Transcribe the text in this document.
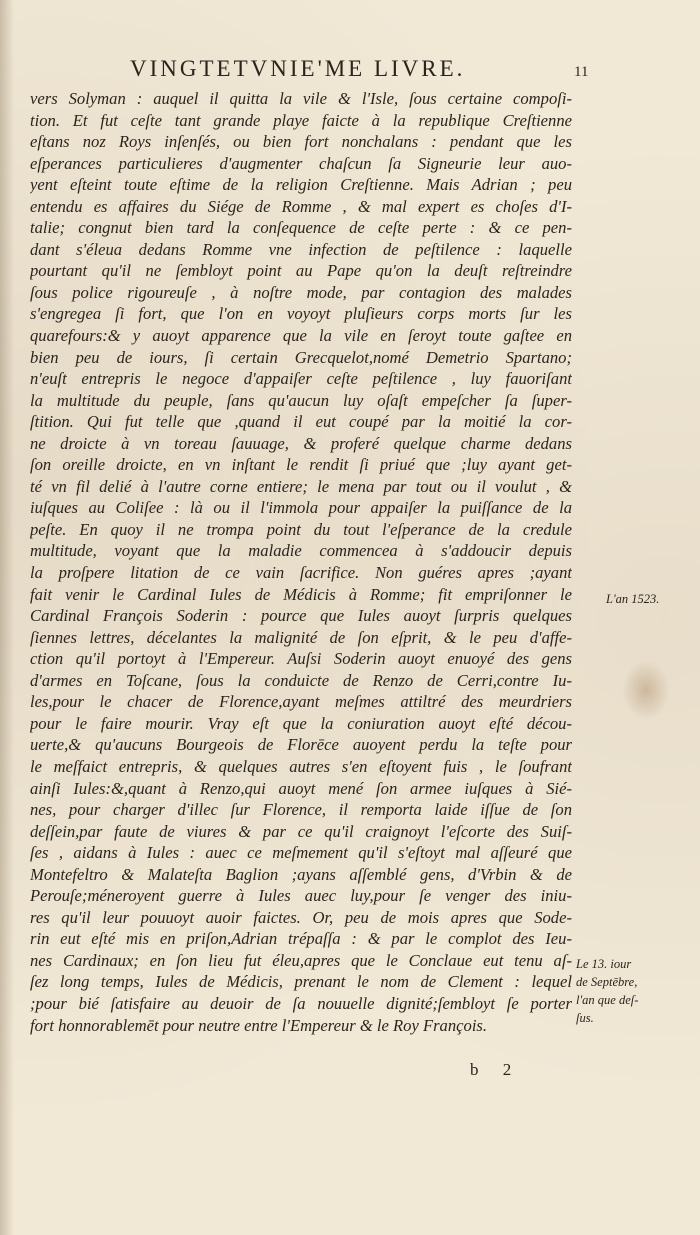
VINGTETVNIE'ME LIVRE.	11
vers Solyman : auquel il quitta la vile & l'Isle, ſous certaine compoſi-
tion. Et fut ceſte tant grande playe faicte à la republique Creſtienne
eſtans noz Roys inſenſés, ou bien fort nonchalans : pendant que les
eſperances particulieres d'augmenter chaſcun ſa Signeurie leur auo-
yent eſteint toute eſtime de la religion Creſtienne. Mais Adrian ; peu
entendu es affaires du Siége de Romme , & mal expert es choſes d'I-
talie; congnut bien tard la conſequence de ceſte perte : & ce pen-
dant s'éleua dedans Romme vne infection de peſtilence : laquelle
pourtant qu'il ne ſembloyt point au Pape qu'on la deuſt reſtreindre
ſous police rigoureuſe , à noſtre mode, par contagion des malades
s'engregea ſi fort, que l'on en voyoyt pluſieurs corps morts ſur les
quarefours:& y auoyt apparence que la vile en ſeroyt toute gaſtee en
bien peu de iours, ſi certain Grecquelot,nomé Demetrio Spartano;
n'euſt entrepris le negoce d'appaiſer ceſte peſtilence , luy fauoriſant
la multitude du peuple, ſans qu'aucun luy oſaſt empeſcher ſa ſuper-
ſtition. Qui fut telle que ,quand il eut coupé par la moitié la cor-
ne droicte à vn toreau ſauuage, & proferé quelque charme dedans
ſon oreille droicte, en vn inſtant le rendit ſi priué que ;luy ayant get-
té vn fil delié à l'autre corne entiere; le mena par tout ou il voulut , &
iuſques au Coliſee : là ou il l'immola pour appaiſer la puiſſance de la
peſte. En quoy il ne trompa point du tout l'eſperance de la credule
multitude, voyant que la maladie commencea à s'addoucir depuis
la proſpere litation de ce vain ſacrifice. Non guéres apres ;ayant
fait venir le Cardinal Iules de Médicis à Romme; fit empriſonner le
Cardinal François Soderin : pource que Iules auoyt ſurpris quelques
ſiennes lettres, décelantes la malignité de ſon eſprit, & le peu d'affe-
ction qu'il portoyt à l'Empereur. Auſsi Soderin auoyt enuoyé des gens
d'armes en Toſcane, ſous la conduicte de Renzo de Cerri,contre Iu-
les,pour le chacer de Florence,ayant meſmes attiltré des meurdriers
pour le faire mourir. Vray eſt que la coniuration auoyt eſté décou-
uerte,& qu'aucuns Bourgeois de Florēce auoyent perdu la teſte pour
le meſfaict entrepris, & quelques autres s'en eſtoyent fuis , le ſoufrant
ainſi Iules:&,quant à Renzo,qui auoyt mené ſon armee iuſques à Sié-
nes, pour charger d'illec ſur Florence, il remporta laide iſſue de ſon
deſſein,par faute de viures & par ce qu'il craignoyt l'eſcorte des Suiſ-
ſes , aidans à Iules : auec ce meſmement qu'il s'eſtoyt mal aſſeuré que
Montefeltro & Malateſta Baglion ;ayans aſſemblé gens, d'Vrbin & de
Perouſe;méneroyent guerre à Iules auec luy,pour ſe venger des iniu-
res qu'il leur pouuoyt auoir faictes. Or, peu de mois apres que Sode-
rin eut eſté mis en priſon,Adrian trépaſſa : & par le complot des Ieu-
nes Cardinaux; en ſon lieu fut éleu,apres que le Conclaue eut tenu aſ-
ſez long temps, Iules de Médicis, prenant le nom de Clement : lequel
;pour bié ſatisfaire au deuoir de ſa nouuelle dignité;ſembloyt ſe porter
fort honnorablemēt pour neutre entre l'Empereur & le Roy François.
L'an 1523.
Le 13. iour
de Septēbre,
l'an que deſ-
ſus.
b 2
